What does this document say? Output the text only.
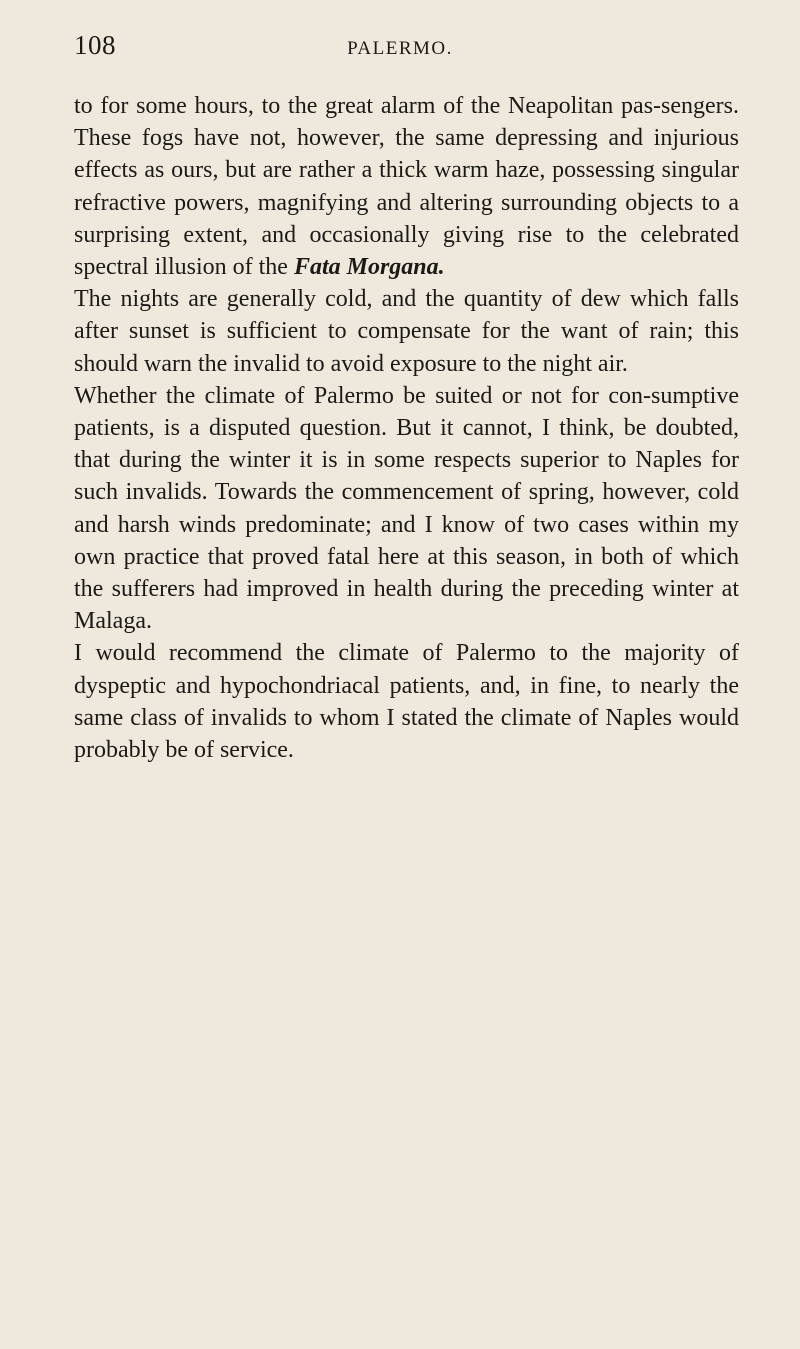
108	PALERMO.

to for some hours, to the great alarm of the Neapolitan pas-sengers. These fogs have not, however, the same depressing and injurious effects as ours, but are rather a thick warm haze, possessing singular refractive powers, magnifying and altering surrounding objects to a surprising extent, and occasionally giving rise to the celebrated spectral illusion of the Fata Morgana.

The nights are generally cold, and the quantity of dew which falls after sunset is sufficient to compensate for the want of rain; this should warn the invalid to avoid exposure to the night air.

Whether the climate of Palermo be suited or not for con-sumptive patients, is a disputed question. But it cannot, I think, be doubted, that during the winter it is in some respects superior to Naples for such invalids. Towards the commencement of spring, however, cold and harsh winds predominate; and I know of two cases within my own practice that proved fatal here at this season, in both of which the sufferers had improved in health during the preceding winter at Malaga.

I would recommend the climate of Palermo to the majority of dyspeptic and hypochondriacal patients, and, in fine, to nearly the same class of invalids to whom I stated the climate of Naples would probably be of service.
